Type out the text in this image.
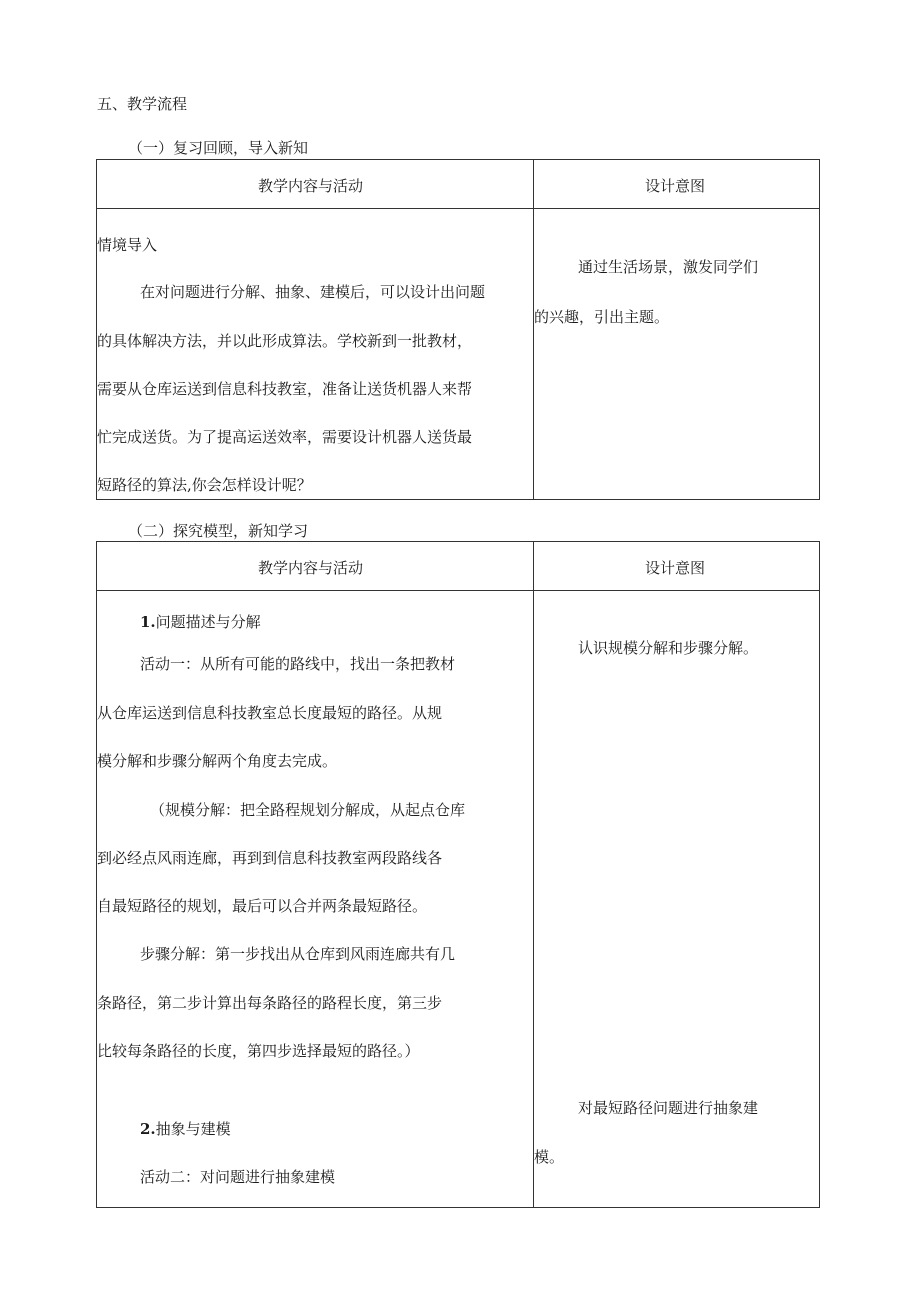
五、教学流程
（一）复习回顾，导入新知
教学内容与活动	设计意图
情境导入
在对问题进行分解、抽象、建模后，可以设计出问题
的具体解决方法，并以此形成算法。学校新到一批教材，
需要从仓库运送到信息科技教室，准备让送货机器人来帮
忙完成送货。为了提高运送效率，需要设计机器人送货最
短路径的算法,你会怎样设计呢？
通过生活场景，激发同学们
的兴趣，引出主题。
（二）探究模型，新知学习
教学内容与活动	设计意图
1.问题描述与分解
活动一：从所有可能的路线中，找出一条把教材
从仓库运送到信息科技教室总长度最短的路径。从规
模分解和步骤分解两个角度去完成。
（规模分解：把全路程规划分解成，从起点仓库
到必经点风雨连廊，再到到信息科技教室两段路线各
自最短路径的规划，最后可以合并两条最短路径。
步骤分解：第一步找出从仓库到风雨连廊共有几
条路径，第二步计算出每条路径的路程长度，第三步
比较每条路径的长度，第四步选择最短的路径。）
2.抽象与建模
活动二：对问题进行抽象建模
认识规模分解和步骤分解。
对最短路径问题进行抽象建
模。
